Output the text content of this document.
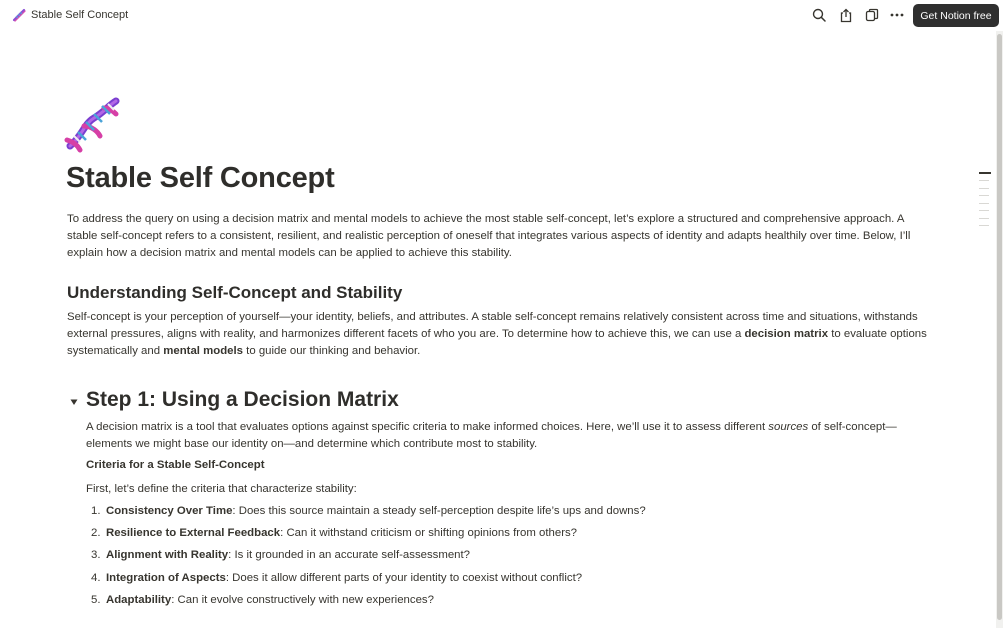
Stable Self Concept	Get Notion free
Stable Self Concept
To address the query on using a decision matrix and mental models to achieve the most stable self-concept, let’s explore a structured and comprehensive approach. A
stable self-concept refers to a consistent, resilient, and realistic perception of oneself that integrates various aspects of identity and adapts healthily over time. Below, I’ll
explain how a decision matrix and mental models can be applied to achieve this stability.
Understanding Self-Concept and Stability
Self-concept is your perception of yourself—your identity, beliefs, and attributes. A stable self-concept remains relatively consistent across time and situations, withstands
external pressures, aligns with reality, and harmonizes different facets of who you are. To determine how to achieve this, we can use a decision matrix to evaluate options
systematically and mental models to guide our thinking and behavior.
Step 1: Using a Decision Matrix
A decision matrix is a tool that evaluates options against specific criteria to make informed choices. Here, we’ll use it to assess different sources of self-concept—
elements we might base our identity on—and determine which contribute most to stability.
Criteria for a Stable Self-Concept
First, let’s define the criteria that characterize stability:
1. Consistency Over Time: Does this source maintain a steady self-perception despite life’s ups and downs?
2. Resilience to External Feedback: Can it withstand criticism or shifting opinions from others?
3. Alignment with Reality: Is it grounded in an accurate self-assessment?
4. Integration of Aspects: Does it allow different parts of your identity to coexist without conflict?
5. Adaptability: Can it evolve constructively with new experiences?
